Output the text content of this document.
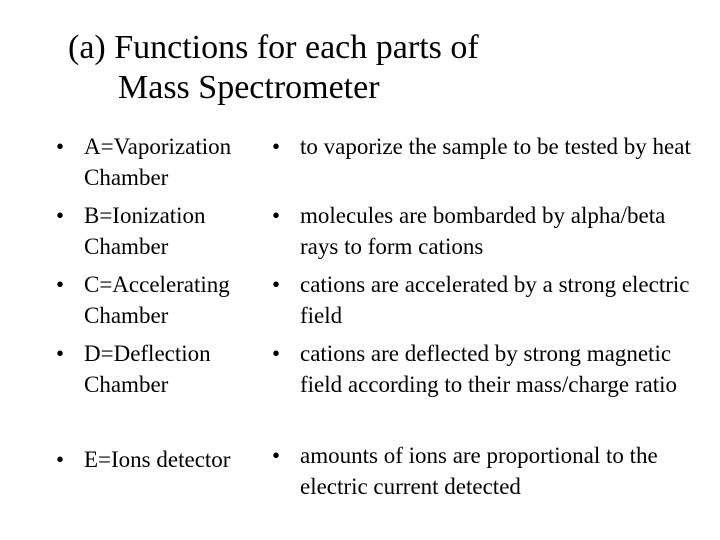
(a) Functions for each parts of
Mass Spectrometer
• A=Vaporization Chamber
• B=Ionization Chamber
• C=Accelerating Chamber
• D=Deflection Chamber
• E=Ions detector
• to vaporize the sample to be tested by heat
• molecules are bombarded by alpha/beta rays to form cations
• cations are accelerated by a strong electric field
• cations are deflected by strong magnetic field according to their mass/charge ratio
• amounts of ions are proportional to the electric current detected
